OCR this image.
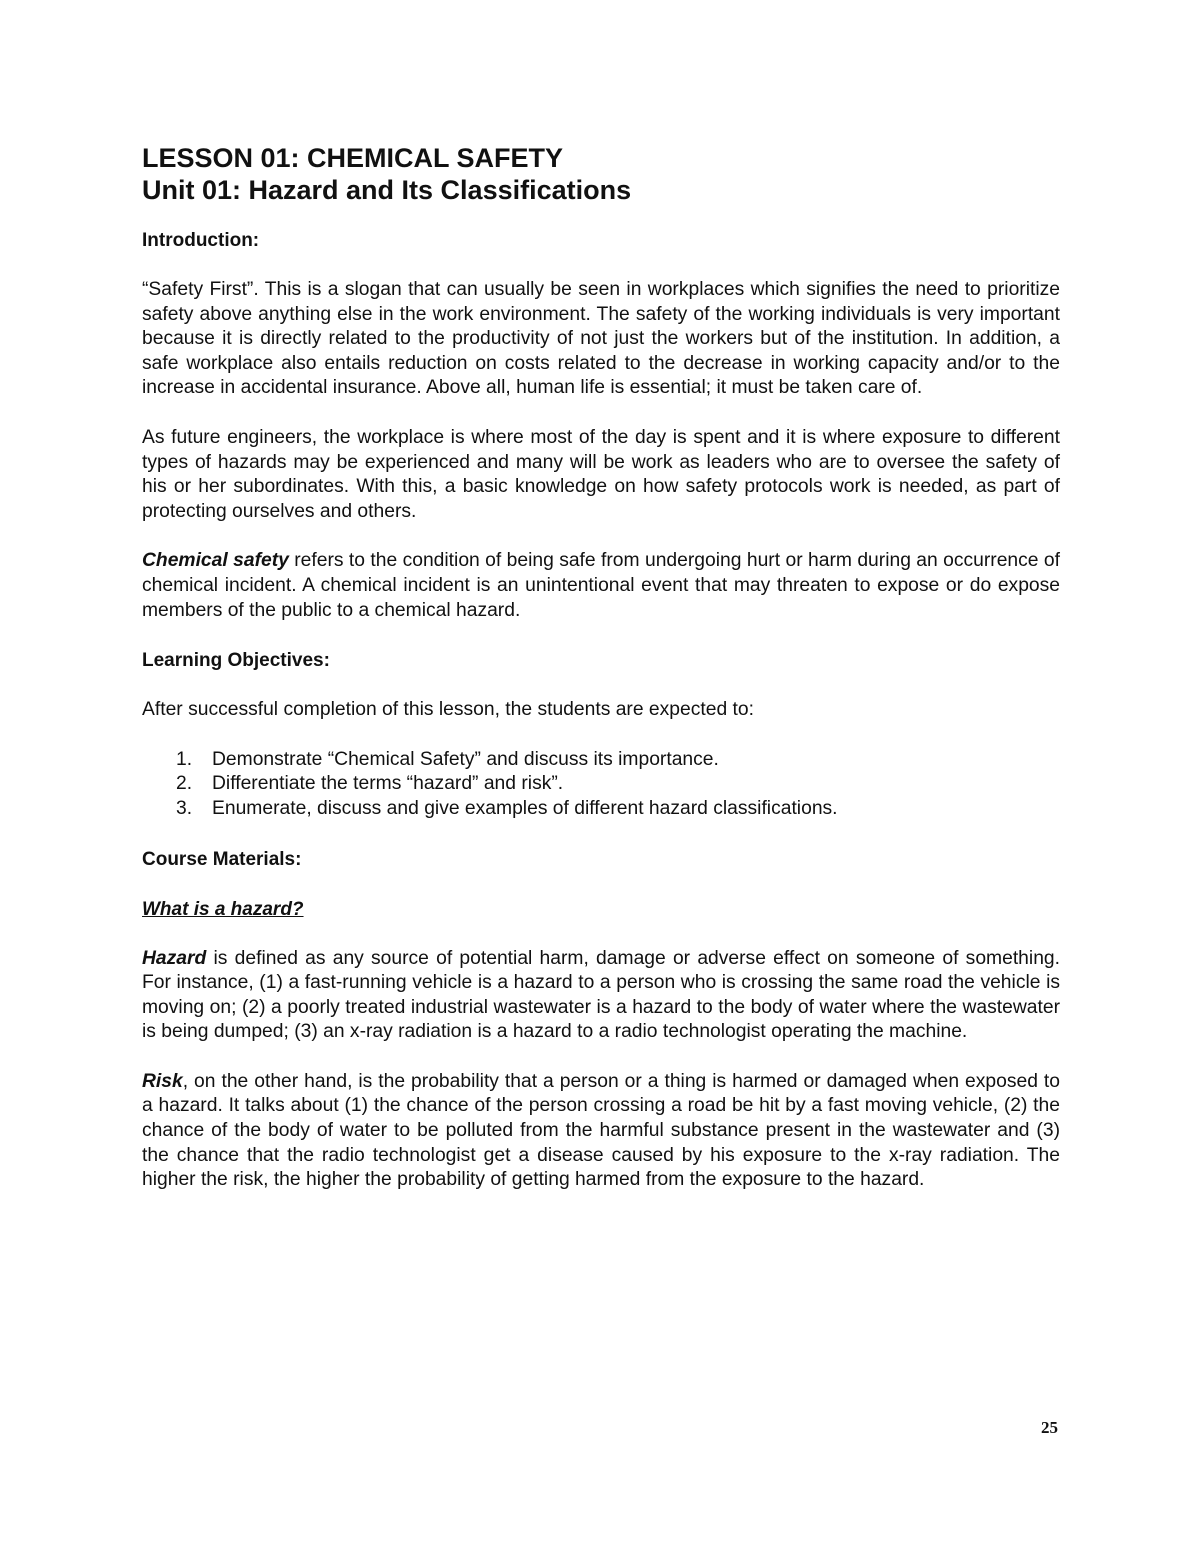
LESSON 01: CHEMICAL SAFETY
Unit 01: Hazard and Its Classifications
Introduction:

“Safety First”. This is a slogan that can usually be seen in workplaces which signifies the need to prioritize safety above anything else in the work environment. The safety of the working individuals is very important because it is directly related to the productivity of not just the workers but of the institution. In addition, a safe workplace also entails reduction on costs related to the decrease in working capacity and/or to the increase in accidental insurance. Above all, human life is essential; it must be taken care of.

As future engineers, the workplace is where most of the day is spent and it is where exposure to different types of hazards may be experienced and many will be work as leaders who are to oversee the safety of his or her subordinates. With this, a basic knowledge on how safety protocols work is needed, as part of protecting ourselves and others.

Chemical safety refers to the condition of being safe from undergoing hurt or harm during an occurrence of chemical incident. A chemical incident is an unintentional event that may threaten to expose or do expose members of the public to a chemical hazard.

Learning Objectives:

After successful completion of this lesson, the students are expected to:

1. Demonstrate “Chemical Safety” and discuss its importance.
2. Differentiate the terms “hazard” and risk”.
3. Enumerate, discuss and give examples of different hazard classifications.
Course Materials:
What is a hazard?

Hazard is defined as any source of potential harm, damage or adverse effect on someone of something. For instance, (1) a fast-running vehicle is a hazard to a person who is crossing the same road the vehicle is moving on; (2) a poorly treated industrial wastewater is a hazard to the body of water where the wastewater is being dumped; (3) an x-ray radiation is a hazard to a radio technologist operating the machine.

Risk, on the other hand, is the probability that a person or a thing is harmed or damaged when exposed to a hazard. It talks about (1) the chance of the person crossing a road be hit by a fast moving vehicle, (2) the chance of the body of water to be polluted from the harmful substance present in the wastewater and (3) the chance that the radio technologist get a disease caused by his exposure to the x-ray radiation. The higher the risk, the higher the probability of getting harmed from the exposure to the hazard.

25
